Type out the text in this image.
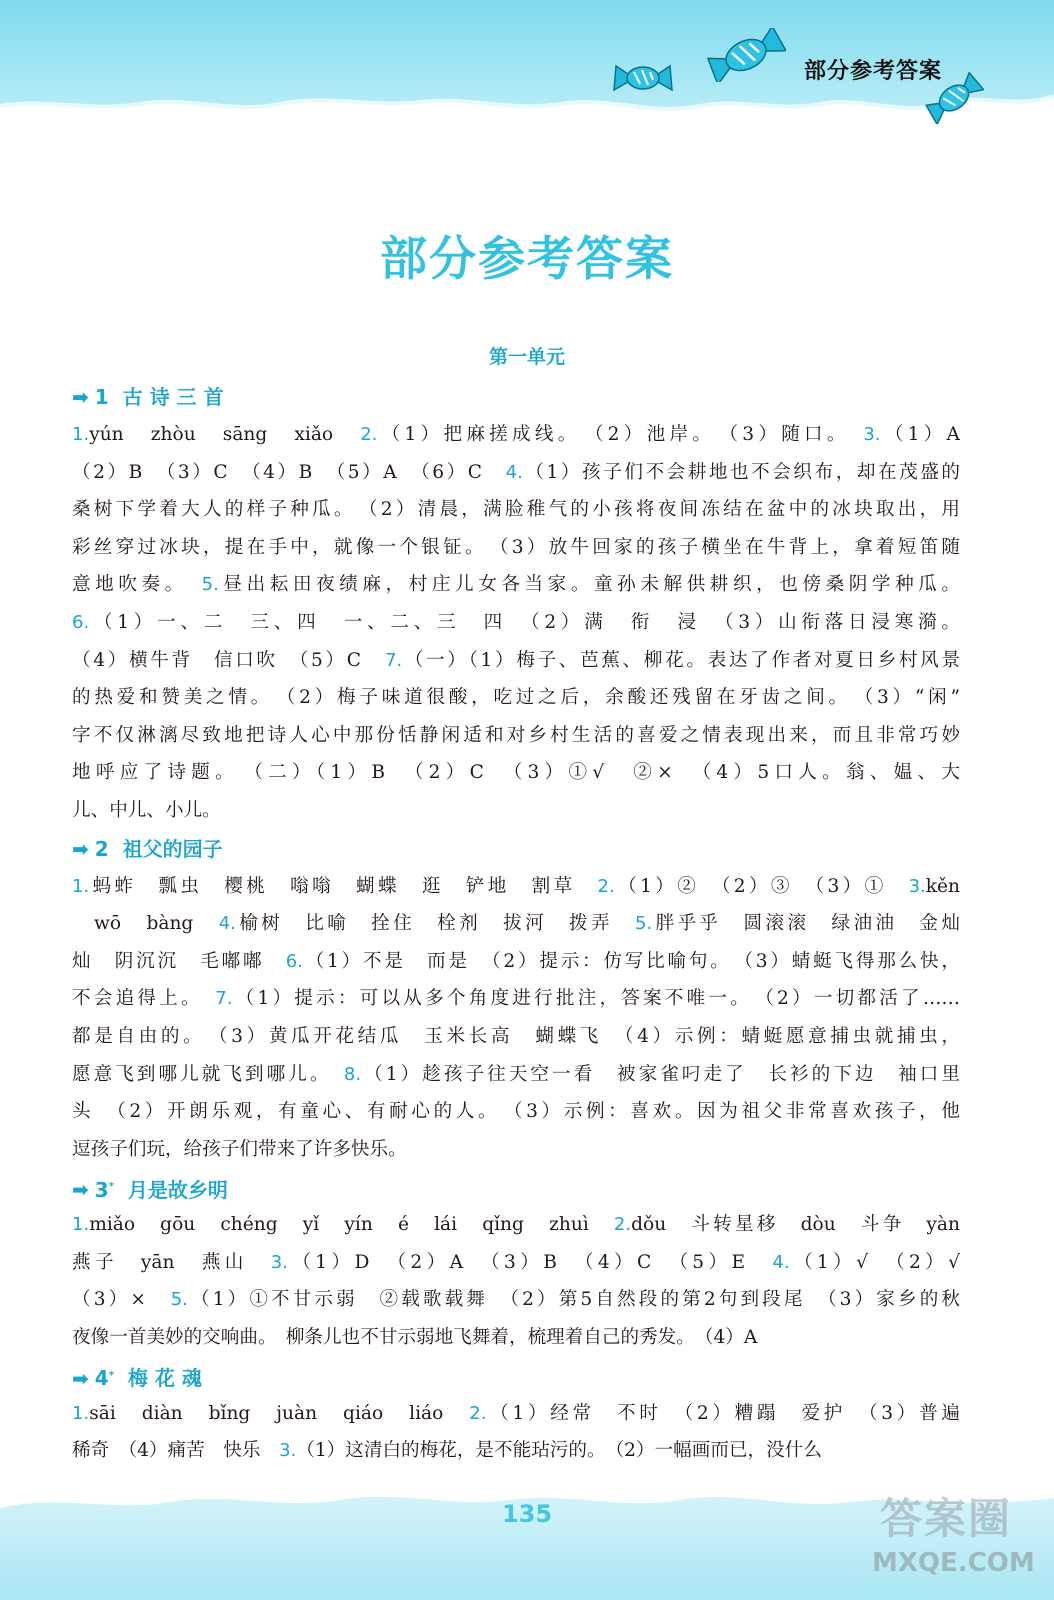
部分参考答案
部分参考答案
第一单元
➡ 1 古 诗 三 首
1.yún　zhòu　sāng　xiǎo　2.（1）把麻搓成线。　（2）池岸。　（3）随口。　3.（1）A
（2）B　（3）C　（4）B　（5）A　（6）C　4.（1）孩子们不会耕地也不会织布，却在茂盛的
桑树下学着大人的样子种瓜。　（2）清晨，满脸稚气的小孩将夜间冻结在盆中的冰块取出，用
彩丝穿过冰块，提在手中，就像一个银钲。　（3）放牛回家的孩子横坐在牛背上，拿着短笛随
意地吹奏。　5.昼出耘田夜绩麻，村庄儿女各当家。童孙未解供耕织，也傍桑阴学种瓜。
6.（1）一、二　三、四　一、二、三　四　（2）满　衔　浸　（3）山衔落日浸寒漪。
（4）横牛背　信口吹　（5）C　7.（一）（1）梅子、芭蕉、柳花。表达了作者对夏日乡村风景
的热爱和赞美之情。　（2）梅子味道很酸，吃过之后，余酸还残留在牙齿之间。　（3）“闲”
字不仅淋漓尽致地把诗人心中那份恬静闲适和对乡村生活的喜爱之情表现出来，而且非常巧妙
地呼应了诗题。　（二）（1）B　（2）C　（3）①√　②×　（4）5口人。翁、媪、大
儿、中儿、小儿。
➡ 2 祖父的园子
1.蚂蚱　瓢虫　樱桃　嗡嗡　蝴蝶　逛　铲地　割草　2.（1）②　（2）③　（3）①　3.kěn
　wō　bàng　4.榆树　比喻　拴住　栓剂　拔河　拨弄　5.胖乎乎　圆滚滚　绿油油　金灿
灿　阴沉沉　毛嘟嘟　6.（1）不是　而是　（2）提示：仿写比喻句。　（3）蜻蜓飞得那么快，
不会追得上。　7.（1）提示：可以从多个角度进行批注，答案不唯一。　（2）一切都活了……
都是自由的。　（3）黄瓜开花结瓜　玉米长高　蝴蝶飞　（4）示例：蜻蜓愿意捕虫就捕虫，
愿意飞到哪儿就飞到哪儿。　8.（1）趁孩子往天空一看　被家雀叼走了　长衫的下边　袖口里
头　（2）开朗乐观，有童心、有耐心的人。　（3）示例：喜欢。因为祖父非常喜欢孩子，他
逗孩子们玩，给孩子们带来了许多快乐。
➡ 3* 月是故乡明
1.miǎo　gōu　chéng　yǐ　yín　é　lái　qǐng　zhuì　2.dǒu　斗转星移　dòu　斗争　yàn
燕子　yān　燕山　3.（1）D　（2）A　（3）B　（4）C　（5）E　4.（1）√　（2）√
（3）×　5.（1）①不甘示弱　②载歌载舞　（2）第5自然段的第2句到段尾　（3）家乡的秋
夜像一首美妙的交响曲。　柳条儿也不甘示弱地飞舞着，梳理着自己的秀发。　（4）A
➡ 4* 梅 花 魂
1.sāi　diàn　bǐng　juàn　qiáo　liáo　2.（1）经常　不时　（2）糟蹋　爱护　（3）普遍
稀奇　（4）痛苦　快乐　3.（1）这清白的梅花，是不能玷污的。　（2）一幅画而已，没什么
135	答案圈
MXQE.COM
